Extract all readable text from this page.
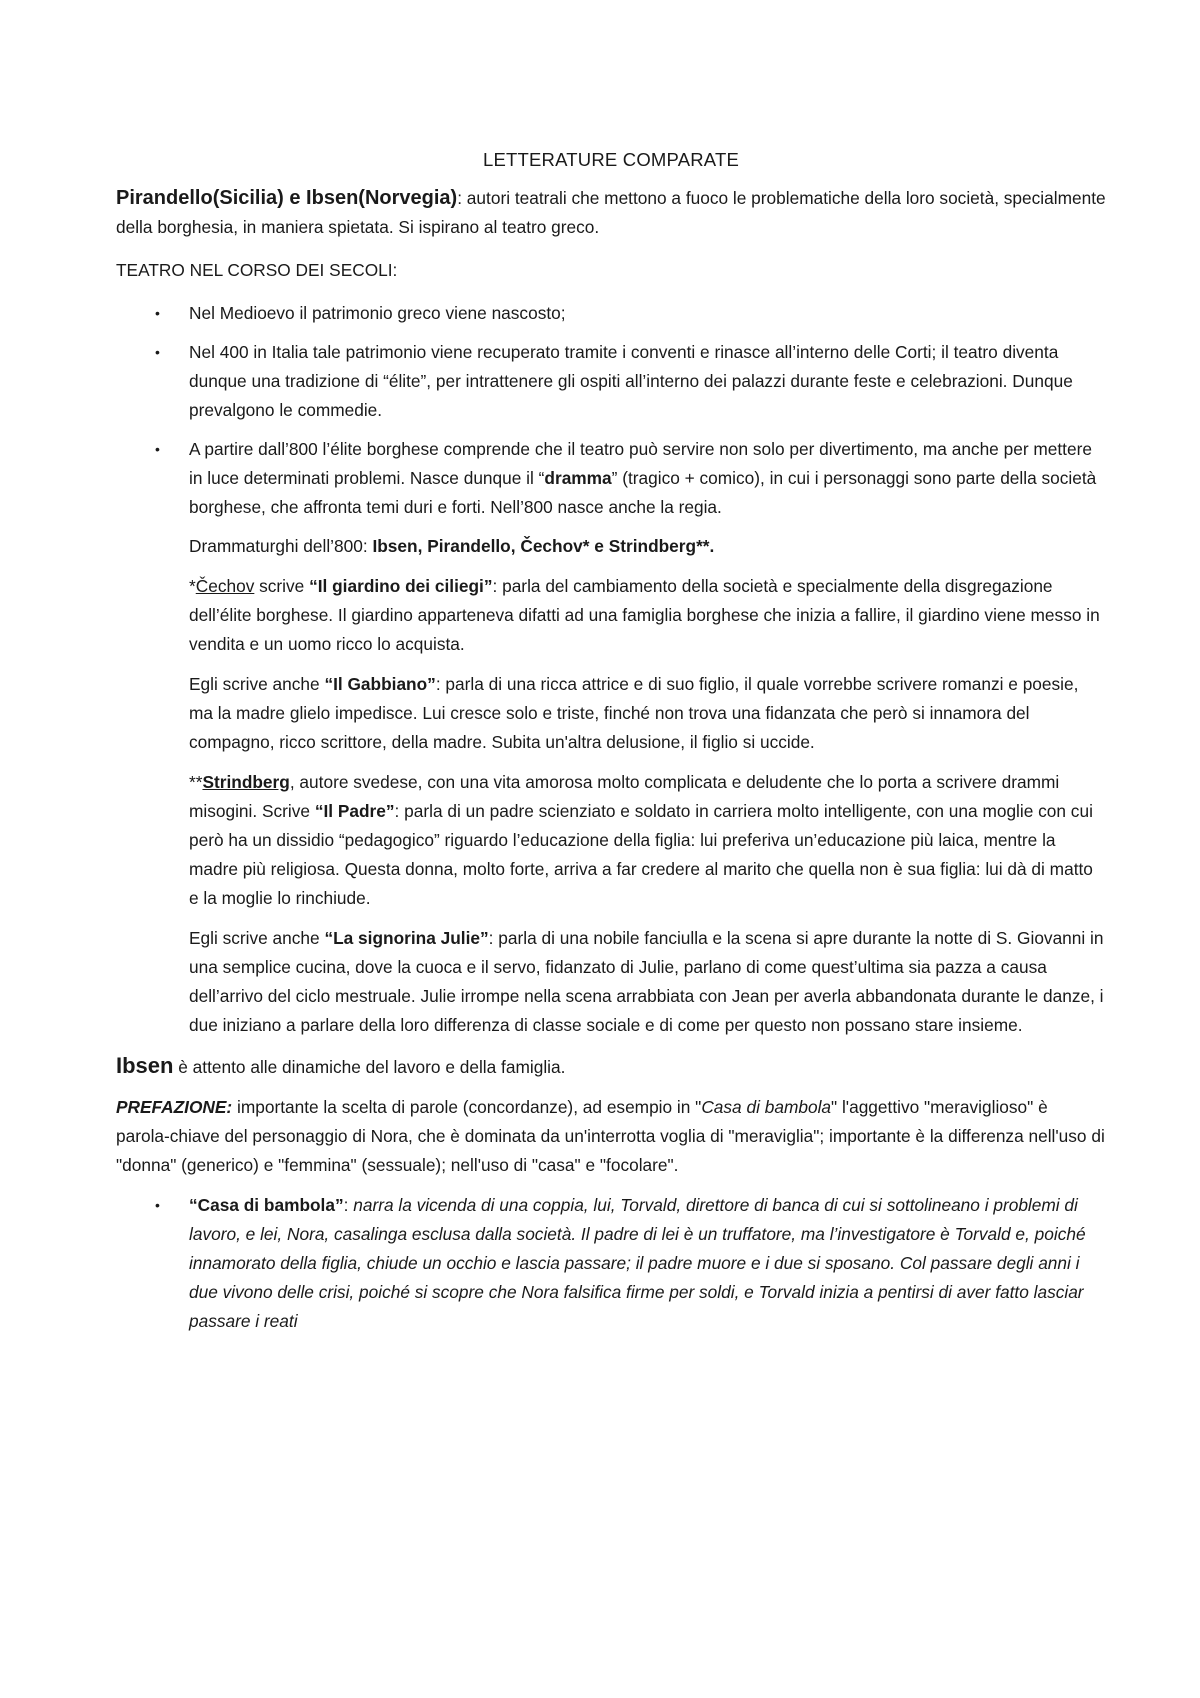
LETTERATURE COMPARATE

Pirandello(Sicilia) e Ibsen(Norvegia): autori teatrali che mettono a fuoco le problematiche della loro società, specialmente della borghesia, in maniera spietata. Si ispirano al teatro greco.

TEATRO NEL CORSO DEI SECOLI:

• Nel Medioevo il patrimonio greco viene nascosto;
• Nel 400 in Italia tale patrimonio viene recuperato tramite i conventi e rinasce all’interno delle Corti; il teatro diventa dunque una tradizione di “élite”, per intrattenere gli ospiti all’interno dei palazzi durante feste e celebrazioni. Dunque prevalgono le commedie.
• A partire dall’800 l’élite borghese comprende che il teatro può servire non solo per divertimento, ma anche per mettere in luce determinati problemi. Nasce dunque il “dramma” (tragico + comico), in cui i personaggi sono parte della società borghese, che affronta temi duri e forti. Nell’800 nasce anche la regia.

Drammaturghi dell’800: Ibsen, Pirandello, Čechov* e Strindberg**.

*Čechov scrive “Il giardino dei ciliegi”: parla del cambiamento della società e specialmente della disgregazione dell’élite borghese. Il giardino apparteneva difatti ad una famiglia borghese che inizia a fallire, il giardino viene messo in vendita e un uomo ricco lo acquista.

Egli scrive anche “Il Gabbiano”: parla di una ricca attrice e di suo figlio, il quale vorrebbe scrivere romanzi e poesie, ma la madre glielo impedisce. Lui cresce solo e triste, finché non trova una fidanzata che però si innamora del compagno, ricco scrittore, della madre. Subita un'altra delusione, il figlio si uccide.

**Strindberg, autore svedese, con una vita amorosa molto complicata e deludente che lo porta a scrivere drammi misogini. Scrive “Il Padre”: parla di un padre scienziato e soldato in carriera molto intelligente, con una moglie con cui però ha un dissidio “pedagogico” riguardo l’educazione della figlia: lui preferiva un’educazione più laica, mentre la madre più religiosa. Questa donna, molto forte, arriva a far credere al marito che quella non è sua figlia: lui dà di matto e la moglie lo rinchiude.

Egli scrive anche “La signorina Julie”: parla di una nobile fanciulla e la scena si apre durante la notte di S. Giovanni in una semplice cucina, dove la cuoca e il servo, fidanzato di Julie, parlano di come quest’ultima sia pazza a causa dell’arrivo del ciclo mestruale. Julie irrompe nella scena arrabbiata con Jean per averla abbandonata durante le danze, i due iniziano a parlare della loro differenza di classe sociale e di come per questo non possano stare insieme.

Ibsen è attento alle dinamiche del lavoro e della famiglia.

PREFAZIONE: importante la scelta di parole (concordanze), ad esempio in "Casa di bambola" l'aggettivo "meraviglioso" è parola-chiave del personaggio di Nora, che è dominata da un'interrotta voglia di "meraviglia"; importante è la differenza nell'uso di "donna" (generico) e "femmina" (sessuale); nell'uso di "casa" e "focolare".

• “Casa di bambola”: narra la vicenda di una coppia, lui, Torvald, direttore di banca di cui si sottolineano i problemi di lavoro, e lei, Nora, casalinga esclusa dalla società. Il padre di lei è un truffatore, ma l’investigatore è Torvald e, poiché innamorato della figlia, chiude un occhio e lascia passare; il padre muore e i due si sposano. Col passare degli anni i due vivono delle crisi, poiché si scopre che Nora falsifica firme per soldi, e Torvald inizia a pentirsi di aver fatto lasciar passare i reati
